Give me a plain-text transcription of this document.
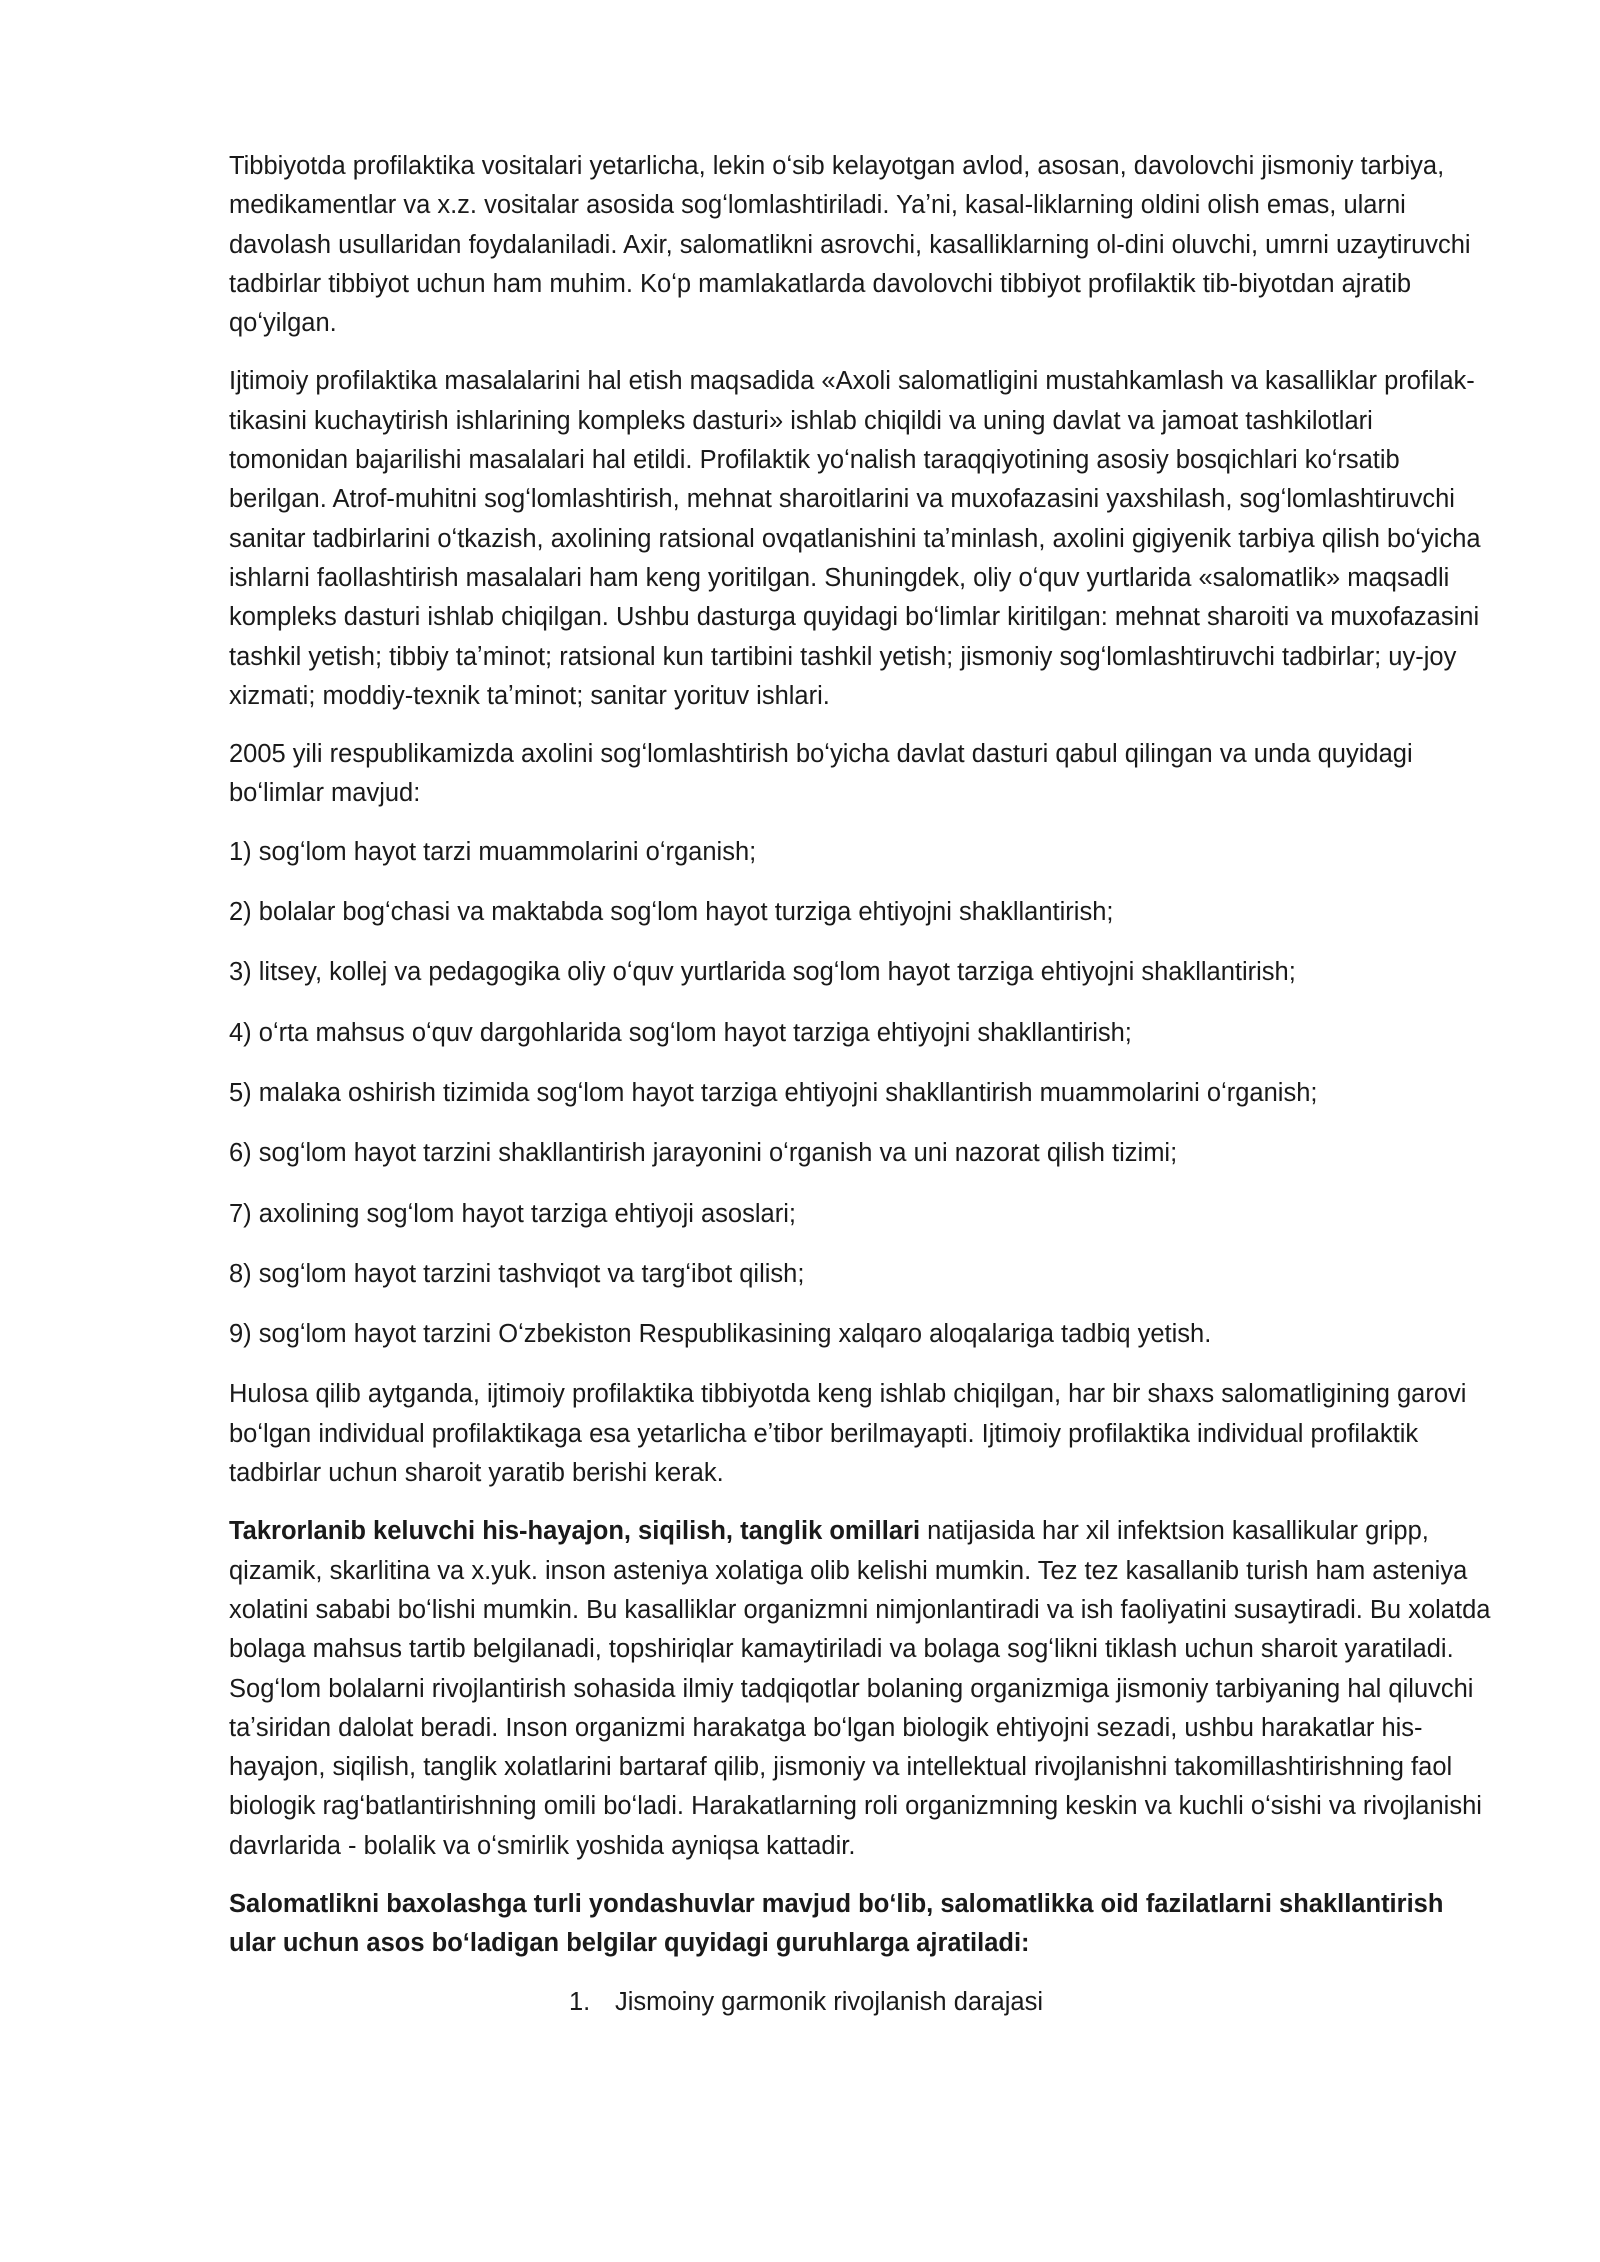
Tibbiyotda profilaktika vositalari yetarlicha, lekin oʻsib kelayotgan avlod, asosan, davolovchi jismoniy tarbiya, medikamentlar va x.z. vositalar asosida sogʻlomlashtiriladi. Yaʼni, kasal-liklarning oldini olish emas, ularni davolash usullaridan foydalaniladi. Axir, salomatlikni asrovchi, kasalliklarning ol-dini oluvchi, umrni uzaytiruvchi tadbirlar tibbiyot uchun ham muhim. Koʻp mamlakatlarda davolovchi tibbiyot profilaktik tib-biyotdan ajratib qoʻyilgan.

Ijtimoiy profilaktika masalalarini hal etish maqsadida «Axoli salomatligini mustahkamlash va kasalliklar profilak-tikasini kuchaytirish ishlarining kompleks dasturi» ishlab chiqildi va uning davlat va jamoat tashkilotlari tomonidan bajarilishi masalalari hal etildi. Profilaktik yoʻnalish taraqqiyotining asosiy bosqichlari koʻrsatib berilgan. Atrof-muhitni sogʻlomlashtirish, mehnat sharoitlarini va muxofazasini yaxshilash, sogʻlomlashtiruvchi sanitar tadbirlarini oʻtkazish, axolining ratsional ovqatlanishini taʼminlash, axolini gigiyenik tarbiya qilish boʻyicha ishlarni faollashtirish masalalari ham keng yoritilgan. Shuningdek, oliy oʻquv yurtlarida «salomatlik» maqsadli kompleks dasturi ishlab chiqilgan. Ushbu dasturga quyidagi boʻlimlar kiritilgan: mehnat sharoiti va muxofazasini tashkil yetish; tibbiy taʼminot; ratsional kun tartibini tashkil yetish; jismoniy sogʻlomlashtiruvchi tadbirlar; uy-joy xizmati; moddiy-texnik taʼminot; sanitar yorituv ishlari.

2005 yili respublikamizda axolini sogʻlomlashtirish boʻyicha davlat dasturi qabul qilingan va unda quyidagi boʻlimlar mavjud:

1) sogʻlom hayot tarzi muammolarini oʻrganish;

2) bolalar bogʻchasi va maktabda sogʻlom hayot turziga ehtiyojni shakllantirish;

3) litsey, kollej va pedagogika oliy oʻquv yurtlarida sogʻlom hayot tarziga ehtiyojni shakllantirish;

4) oʻrta mahsus oʻquv dargohlarida sogʻlom hayot tarziga ehtiyojni shakllantirish;

5) malaka oshirish tizimida sogʻlom hayot tarziga ehtiyojni shakllantirish muammolarini oʻrganish;

6) sogʻlom hayot tarzini shakllantirish jarayonini oʻrganish va uni nazorat qilish tizimi;

7) axolining sogʻlom hayot tarziga ehtiyoji asoslari;

8) sogʻlom hayot tarzini tashviqot va targʻibot qilish;

9) sogʻlom hayot tarzini Oʻzbekiston Respublikasining xalqaro aloqalariga tadbiq yetish.

Hulosa qilib aytganda, ijtimoiy profilaktika tibbiyotda keng ishlab chiqilgan, har bir shaxs salomatligining garovi boʻlgan individual profilaktikaga esa yetarlicha eʼtibor berilmayapti. Ijtimoiy profilaktika individual profilaktik tadbirlar uchun sharoit yaratib berishi kerak.

Takrorlanib keluvchi his-hayajon, siqilish, tanglik omillari natijasida har xil infektsion kasallikular gripp, qizamik, skarlitina va x.yuk. inson asteniya xolatiga olib kelishi mumkin. Tez tez kasallanib turish ham asteniya xolatini sababi boʻlishi mumkin. Bu kasalliklar organizmni nimjonlantiradi va ish faoliyatini susaytiradi. Bu xolatda bolaga mahsus tartib belgilanadi, topshiriqlar kamaytiriladi va bolaga sogʻlikni tiklash uchun sharoit yaratiladi. Sogʻlom bolalarni rivojlantirish sohasida ilmiy tadqiqotlar bolaning organizmiga jismoniy tarbiyaning hal qiluvchi taʼsiridan dalolat beradi. Inson organizmi harakatga boʻlgan biologik ehtiyojni sezadi, ushbu harakatlar his-hayajon, siqilish, tanglik xolatlarini bartaraf qilib, jismoniy va intellektual rivojlanishni takomillashtirishning faol biologik ragʻbatlantirishning omili boʻladi. Harakatlarning roli organizmning keskin va kuchli oʻsishi va rivojlanishi davrlarida - bolalik va oʻsmirlik yoshida ayniqsa kattadir.

Salomatlikni baxolashga turli yondashuvlar mavjud boʻlib, salomatlikka oid fazilatlarni shakllantirish ular uchun asos boʻladigan belgilar quyidagi guruhlarga ajratiladi:

1. Jismoiny garmonik rivojlanish darajasi
